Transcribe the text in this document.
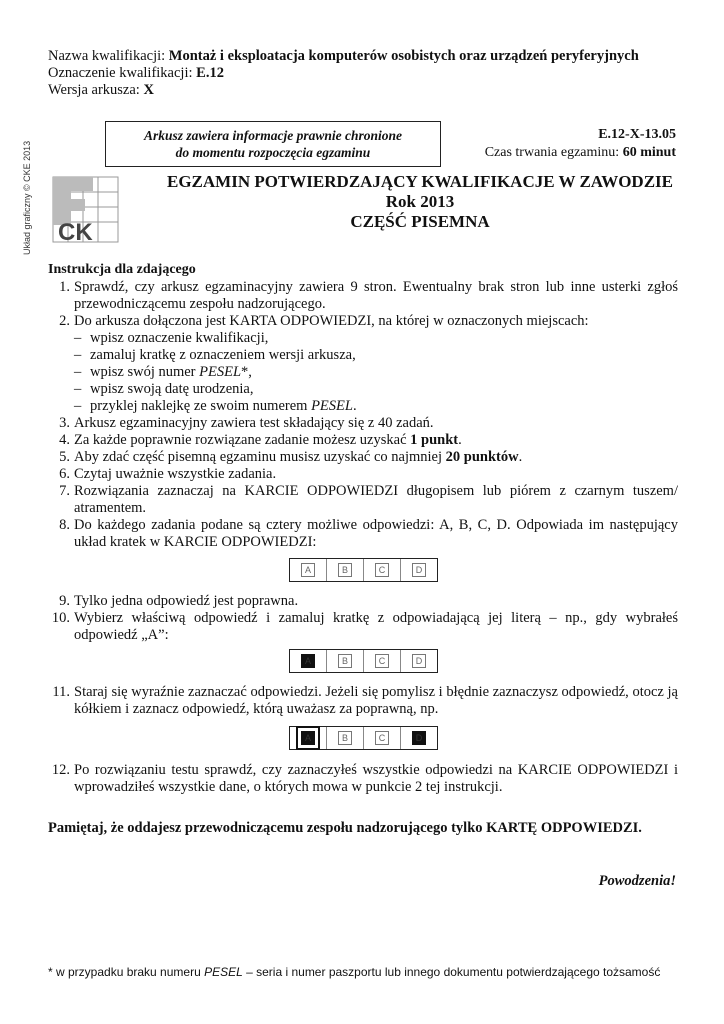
Nazwa kwalifikacji: Montaż i eksploatacja komputerów osobistych oraz urządzeń peryferyjnych
Oznaczenie kwalifikacji: E.12
Wersja arkusza: X
Układ graficzny © CKE 2013
Arkusz zawiera informacje prawnie chronione
do momentu rozpoczęcia egzaminu
E.12-X-13.05
Czas trwania egzaminu: 60 minut
CK
EGZAMIN POTWIERDZAJĄCY KWALIFIKACJE W ZAWODZIE
Rok 2013
CZĘŚĆ PISEMNA
Instrukcja dla zdającego
1. Sprawdź, czy arkusz egzaminacyjny zawiera 9 stron. Ewentualny brak stron lub inne usterki zgłoś przewodniczącemu zespołu nadzorującego.
2. Do arkusza dołączona jest KARTA ODPOWIEDZI, na której w oznaczonych miejscach:
– wpisz oznaczenie kwalifikacji,
– zamaluj kratkę z oznaczeniem wersji arkusza,
– wpisz swój numer PESEL*,
– wpisz swoją datę urodzenia,
– przyklej naklejkę ze swoim numerem PESEL.
3. Arkusz egzaminacyjny zawiera test składający się z 40 zadań.
4. Za każde poprawnie rozwiązane zadanie możesz uzyskać 1 punkt.
5. Aby zdać część pisemną egzaminu musisz uzyskać co najmniej 20 punktów.
6. Czytaj uważnie wszystkie zadania.
7. Rozwiązania zaznaczaj na KARCIE ODPOWIEDZI długopisem lub piórem z czarnym tuszem/ atramentem.
8. Do każdego zadania podane są cztery możliwe odpowiedzi: A, B, C, D. Odpowiada im następujący układ kratek w KARCIE ODPOWIEDZI:
A	B	C	D
9. Tylko jedna odpowiedź jest poprawna.
10. Wybierz właściwą odpowiedź i zamaluj kratkę z odpowiadającą jej literą – np., gdy wybrałeś odpowiedź „A”:
A	B	C	D
11. Staraj się wyraźnie zaznaczać odpowiedzi. Jeżeli się pomylisz i błędnie zaznaczysz odpowiedź, otocz ją kółkiem i zaznacz odpowiedź, którą uważasz za poprawną, np.
A	B	C	D
12. Po rozwiązaniu testu sprawdź, czy zaznaczyłeś wszystkie odpowiedzi na KARCIE ODPOWIEDZI i wprowadziłeś wszystkie dane, o których mowa w punkcie 2 tej instrukcji.
Pamiętaj, że oddajesz przewodniczącemu zespołu nadzorującego tylko KARTĘ ODPOWIEDZI.
Powodzenia!
* w przypadku braku numeru PESEL – seria i numer paszportu lub innego dokumentu potwierdzającego tożsamość
